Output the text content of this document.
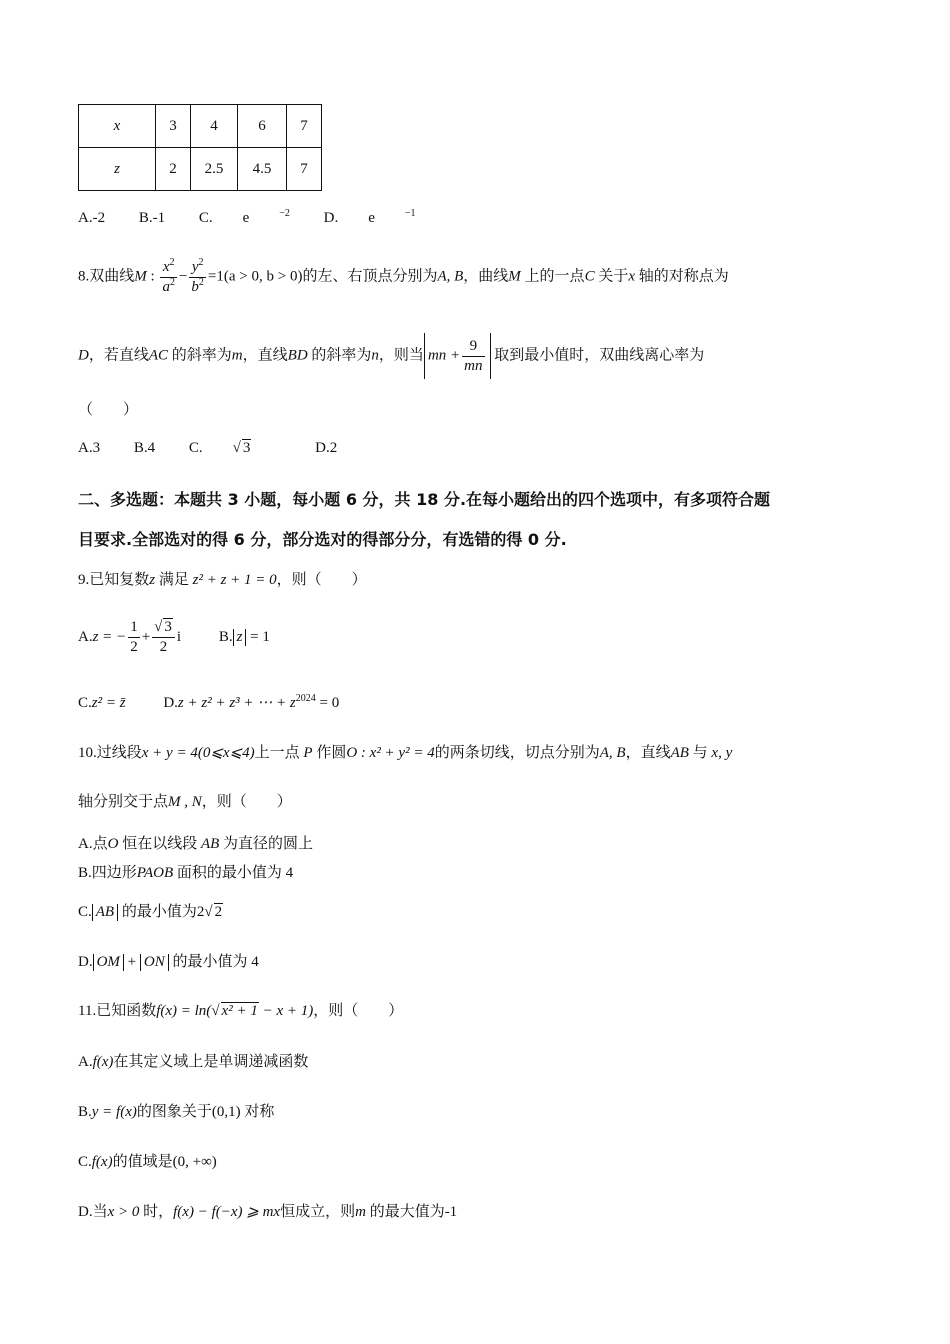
x	3	4	6	7
z	2	2.5	4.5	7
A.-2 B.-1 C. e	$^{-2}$ D. e	$^{-1}$
8.双曲线M : $\frac{x^2}{a^2} - \frac{y^2}{b^2} =1(a > 0$, b > 0)的左、右顶点分别为A, B，曲线M 上的一点C 关于x 轴的对称点为
D，若直线AC 的斜率为m，直线BD 的斜率为n，则当 mn + $\frac{9}{mn}$ 取到最小值时，双曲线离心率为
（　　）
A.3 B.4 C. √ 3	D.2
二、多选题：本题共 3 小题，每小题 6 分，共 18 分.在每小题给出的四个选项中，有多项符合题
目要求.全部选对的得 6 分，部分选对的得部分分，有选错的得 0 分.
9.已知复数z 满足 z² + z + 1 = 0，则（　　）
A.z = − $\frac{1}{2} + \frac{√ 3}{2}$ i	B. z = 1
C.z² = z̄	D.z + z² + z³ + ⋯ + $z^{2024} = 0$
10.过线段x + y = 4(0⩽x⩽4)上一点 P 作圆O : x² + y² = 4的两条切线，切点分别为A, B，直线AB 与 x, y
轴分别交于点M , N，则（　　）
A.点O 恒在以线段 AB 为直径的圆上
B.四边形PAOB 面积的最小值为 4
C. AB 的最小值为2√ 2
D. OM + ON 的最小值为 4
11.已知函数f(x) = ln(√ x² + 1 − x + 1)，则（　　）
A.f(x)在其定义域上是单调递减函数
B.y = f(x)的图象关于(0,1) 对称
C.f(x)的值域是(0, +∞)
D.当x > 0 时，f(x) − f(−x) ⩾ mx恒成立，则m 的最大值为-1
